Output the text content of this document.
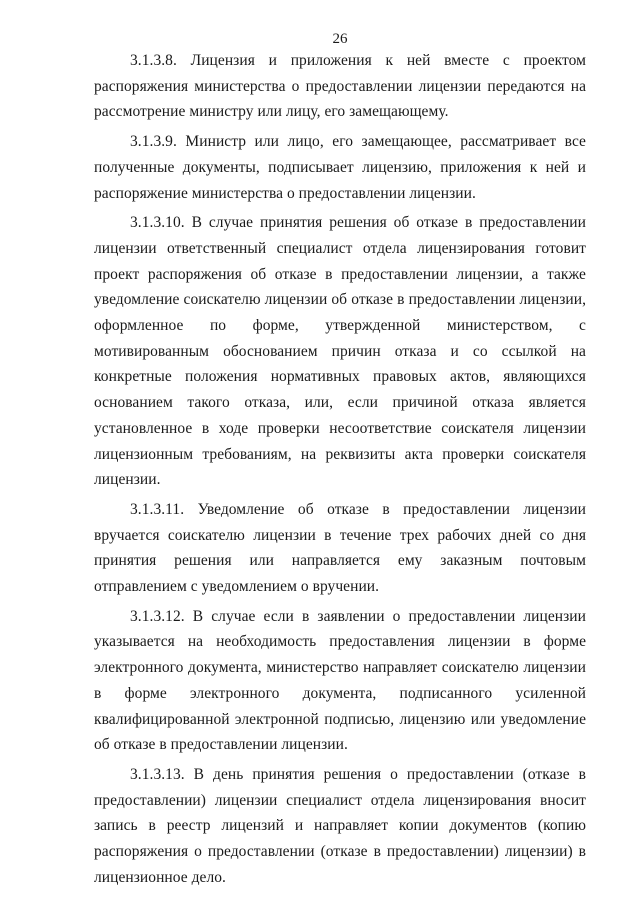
26

3.1.3.8. Лицензия и приложения к ней вместе с проектом распоряжения министерства о предоставлении лицензии передаются на рассмотрение министру или лицу, его замещающему.

3.1.3.9. Министр или лицо, его замещающее, рассматривает все полученные документы, подписывает лицензию, приложения к ней и распоряжение министерства о предоставлении лицензии.

3.1.3.10. В случае принятия решения об отказе в предоставлении лицензии ответственный специалист отдела лицензирования готовит проект распоряжения об отказе в предоставлении лицензии, а также уведомление соискателю лицензии об отказе в предоставлении лицензии, оформленное по форме, утвержденной министерством, с мотивированным обоснованием причин отказа и со ссылкой на конкретные положения нормативных правовых актов, являющихся основанием такого отказа, или, если причиной отказа является установленное в ходе проверки несоответствие соискателя лицензии лицензионным требованиям, на реквизиты акта проверки соискателя лицензии.

3.1.3.11. Уведомление об отказе в предоставлении лицензии вручается соискателю лицензии в течение трех рабочих дней со дня принятия решения или направляется ему заказным почтовым отправлением с уведомлением о вручении.

3.1.3.12. В случае если в заявлении о предоставлении лицензии указывается на необходимость предоставления лицензии в форме электронного документа, министерство направляет соискателю лицензии в форме электронного документа, подписанного усиленной квалифицированной электронной подписью, лицензию или уведомление об отказе в предоставлении лицензии.

3.1.3.13. В день принятия решения о предоставлении (отказе в предоставлении) лицензии специалист отдела лицензирования вносит запись в реестр лицензий и направляет копии документов (копию распоряжения о предоставлении (отказе в предоставлении) лицензии) в лицензионное дело.
